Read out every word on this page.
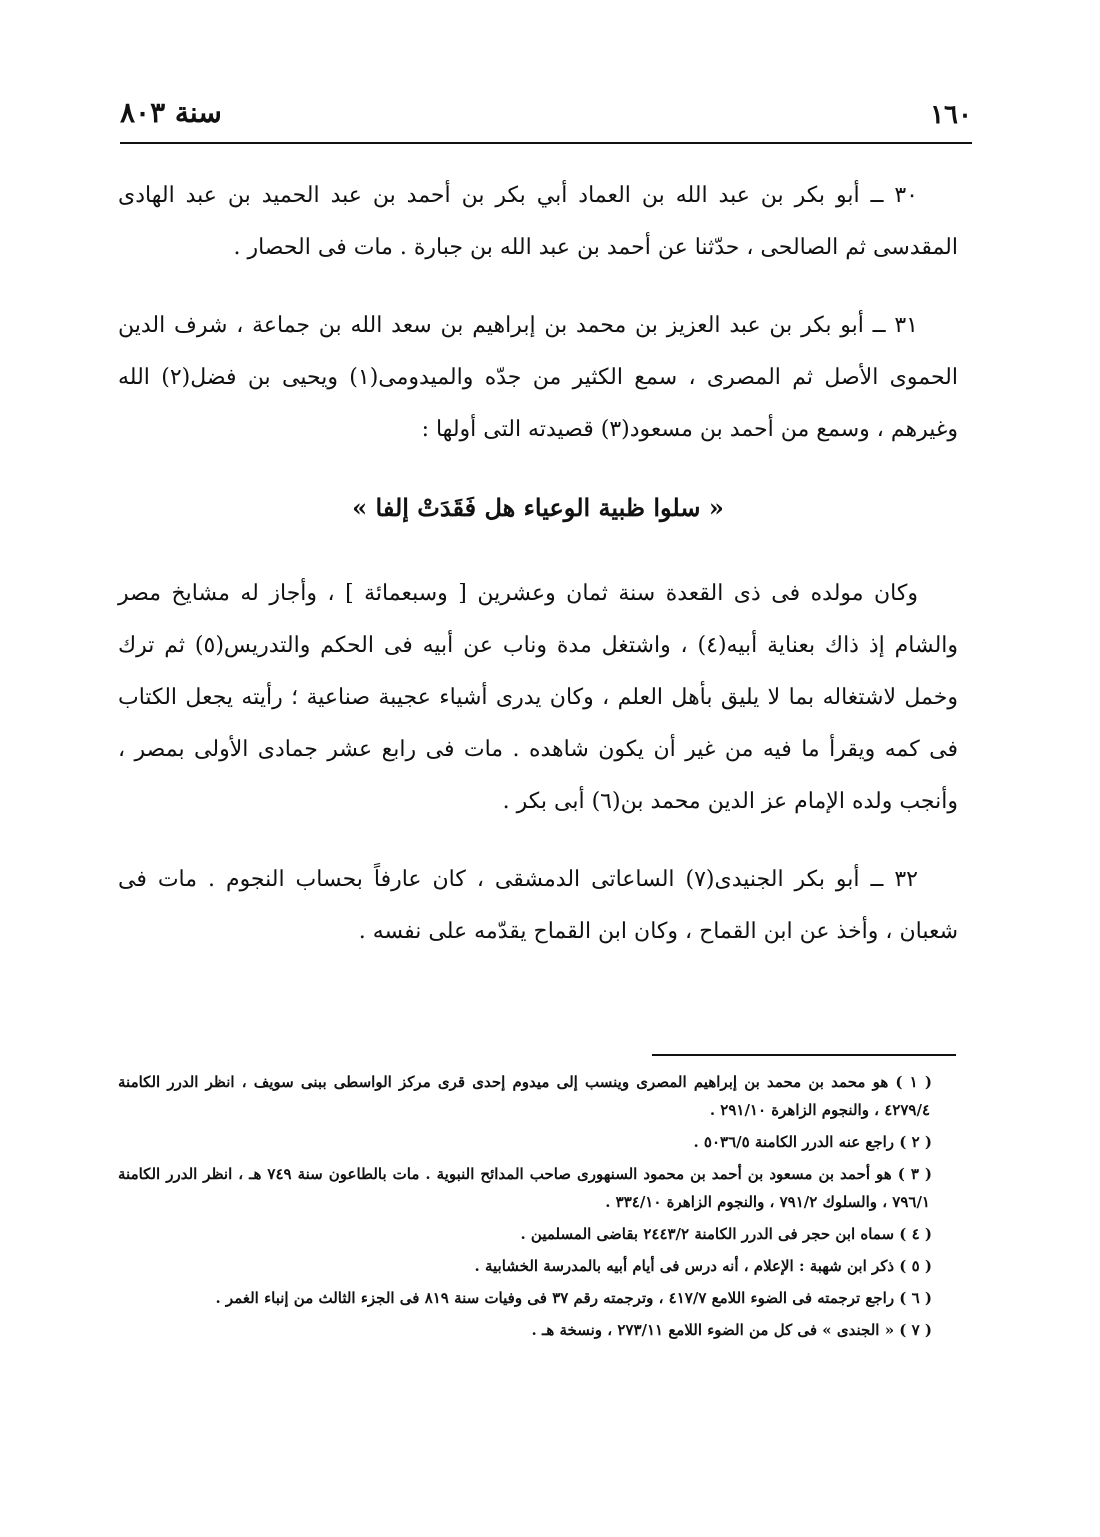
سنة ٨٠٣	١٦٠

٣٠ ــ أبو بكر بن عبد الله بن العماد أبي بكر بن أحمد بن عبد الحميد بن عبد الهادى المقدسى ثم الصالحى ، حدّثنا عن أحمد بن عبد الله بن جبارة . مات فى الحصار .

٣١ ــ أبو بكر بن عبد العزيز بن محمد بن إبراهيم بن سعد الله بن جماعة ، شرف الدين الحموى الأصل ثم المصرى ، سمع الكثير من جدّه والميدومى(١) ويحيى بن فضل(٢) الله وغيرهم ، وسمع من أحمد بن مسعود(٣) قصيدته التى أولها :

« سلوا ظبية الوعياء هل فَقَدَتْ إلفا »

وكان مولده فى ذى القعدة سنة ثمان وعشرين [ وسبعمائة ] ، وأجاز له مشايخ مصر والشام إذ ذاك بعناية أبيه(٤) ، واشتغل مدة وناب عن أبيه فى الحكم والتدريس(٥) ثم ترك وخمل لاشتغاله بما لا يليق بأهل العلم ، وكان يدرى أشياء عجيبة صناعية ؛ رأيته يجعل الكتاب فى كمه ويقرأ ما فيه من غير أن يكون شاهده . مات فى رابع عشر جمادى الأولى بمصر ، وأنجب ولده الإمام عز الدين محمد بن(٦) أبى بكر .

٣٢ ــ أبو بكر الجنيدى(٧) الساعاتى الدمشقى ، كان عارفاً بحساب النجوم . مات فى شعبان ، وأخذ عن ابن القماح ، وكان ابن القماح يقدّمه على نفسه .

( ١ ) هو محمد بن محمد بن إبراهيم المصرى وينسب إلى ميدوم إحدى قرى مركز الواسطى ببنى سويف ، انظر الدرر الكامنة ٤٢٧٩/٤ ، والنجوم الزاهرة ٢٩١/١٠ .

( ٢ ) راجع عنه الدرر الكامنة ٥٠٣٦/٥ .

( ٣ ) هو أحمد بن مسعود بن أحمد بن محمود السنهورى صاحب المدائح النبوية . مات بالطاعون سنة ٧٤٩ هـ ، انظر الدرر الكامنة ٧٩٦/١ ، والسلوك ٧٩١/٢ ، والنجوم الزاهرة ٣٣٤/١٠ .

( ٤ ) سماه ابن حجر فى الدرر الكامنة ٢٤٤٣/٢ بقاضى المسلمين .

( ٥ ) ذكر ابن شهبة : الإعلام ، أنه درس فى أيام أبيه بالمدرسة الخشابية .

( ٦ ) راجع ترجمته فى الضوء اللامع ٤١٧/٧ ، وترجمته رقم ٣٧ فى وفيات سنة ٨١٩ فى الجزء الثالث من إنباء الغمر .

( ٧ ) « الجندى » فى كل من الضوء اللامع ٢٧٣/١١ ، ونسخة هـ .
